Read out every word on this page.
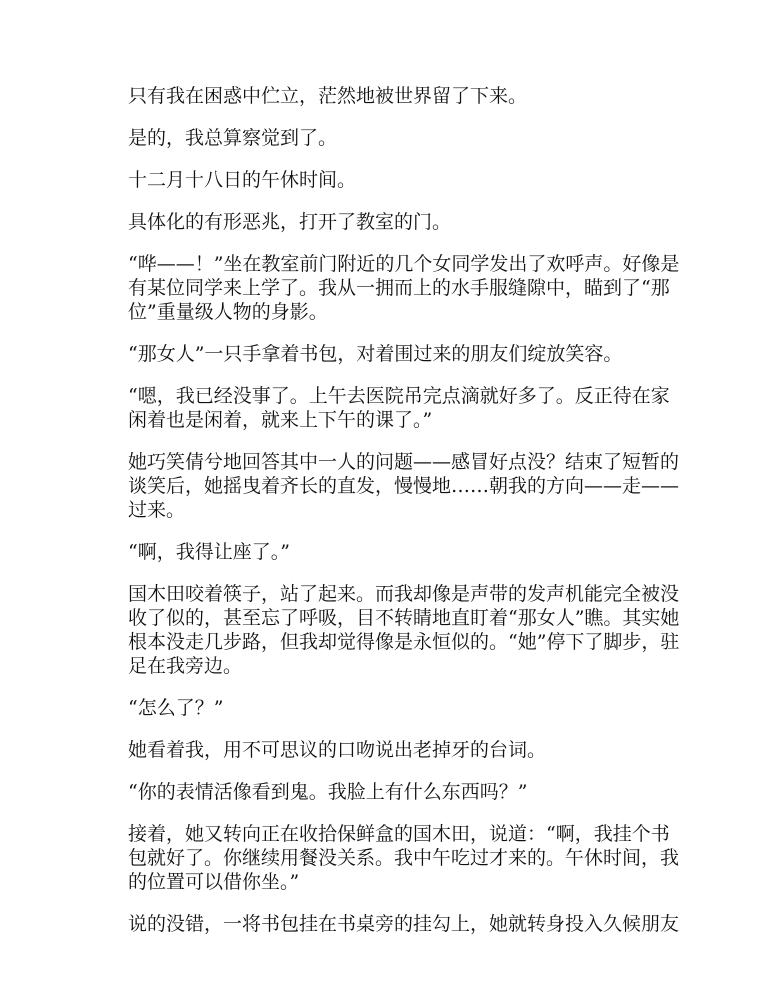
只有我在困惑中伫立，茫然地被世界留了下来。

是的，我总算察觉到了。

十二月十八日的午休时间。

具体化的有形恶兆，打开了教室的门。

“哗——！”坐在教室前门附近的几个女同学发出了欢呼声。好像是有某位同学来上学了。我从一拥而上的水手服缝隙中，瞄到了“那位”重量级人物的身影。

“那女人”一只手拿着书包，对着围过来的朋友们绽放笑容。

“嗯，我已经没事了。上午去医院吊完点滴就好多了。反正待在家闲着也是闲着，就来上下午的课了。”

她巧笑倩兮地回答其中一人的问题——感冒好点没？结束了短暂的谈笑后，她摇曳着齐长的直发，慢慢地……朝我的方向——走——过来。

“啊，我得让座了。”

国木田咬着筷子，站了起来。而我却像是声带的发声机能完全被没收了似的，甚至忘了呼吸，目不转睛地直盯着“那女人”瞧。其实她根本没走几步路，但我却觉得像是永恒似的。“她”停下了脚步，驻足在我旁边。

“怎么了？”

她看着我，用不可思议的口吻说出老掉牙的台词。

“你的表情活像看到鬼。我脸上有什么东西吗？”

接着，她又转向正在收拾保鲜盒的国木田，说道：“啊，我挂个书包就好了。你继续用餐没关系。我中午吃过才来的。午休时间，我的位置可以借你坐。”

说的没错，一将书包挂在书桌旁的挂勾上，她就转身投入久候朋友
